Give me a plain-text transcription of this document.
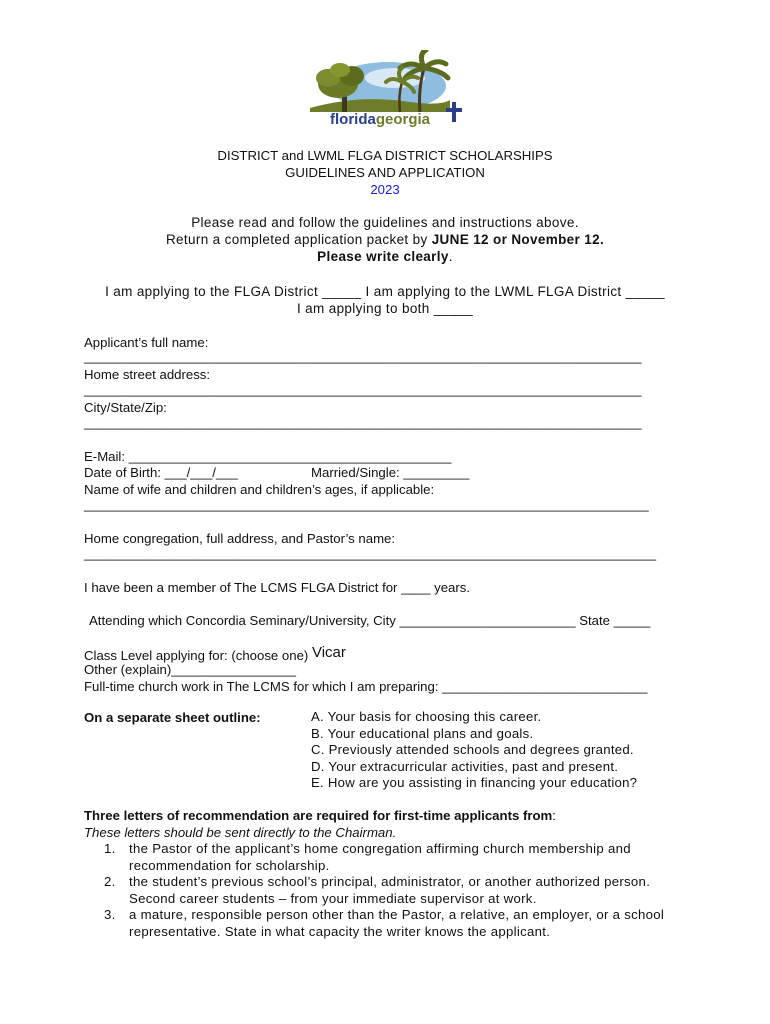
floridageorgia
DISTRICT and LWML FLGA DISTRICT SCHOLARSHIPS
GUIDELINES AND APPLICATION
2023
Please read and follow the guidelines and instructions above.
Return a completed application packet by JUNE 12 or November 12.
Please write clearly.
I am applying to the FLGA District _____ I am applying to the LWML FLGA District _____
I am applying to both _____
Applicant’s full name:
____________________________________________________________________________
Home street address:
____________________________________________________________________________
City/State/Zip:
____________________________________________________________________________
E-Mail: ____________________________________________
Date of Birth: ___/___/___	Married/Single: _________
Name of wife and children and children’s ages, if applicable:
_____________________________________________________________________________
Home congregation, full address, and Pastor’s name:
______________________________________________________________________________
I have been a member of The LCMS FLGA District for ____ years.
Attending which Concordia Seminary/University, City ________________________ State _____
Class Level applying for: (choose one) Vicar
Other (explain)_________________
Full-time church work in The LCMS for which I am preparing: ____________________________
On a separate sheet outline:	A. Your basis for choosing this career.
B. Your educational plans and goals.
C. Previously attended schools and degrees granted.
D. Your extracurricular activities, past and present.
E. How are you assisting in financing your education?
Three letters of recommendation are required for first-time applicants from:
These letters should be sent directly to the Chairman.
1. the Pastor of the applicant’s home congregation affirming church membership and
recommendation for scholarship.
2. the student’s previous school’s principal, administrator, or another authorized person.
Second career students – from your immediate supervisor at work.
3. a mature, responsible person other than the Pastor, a relative, an employer, or a school
representative. State in what capacity the writer knows the applicant.
